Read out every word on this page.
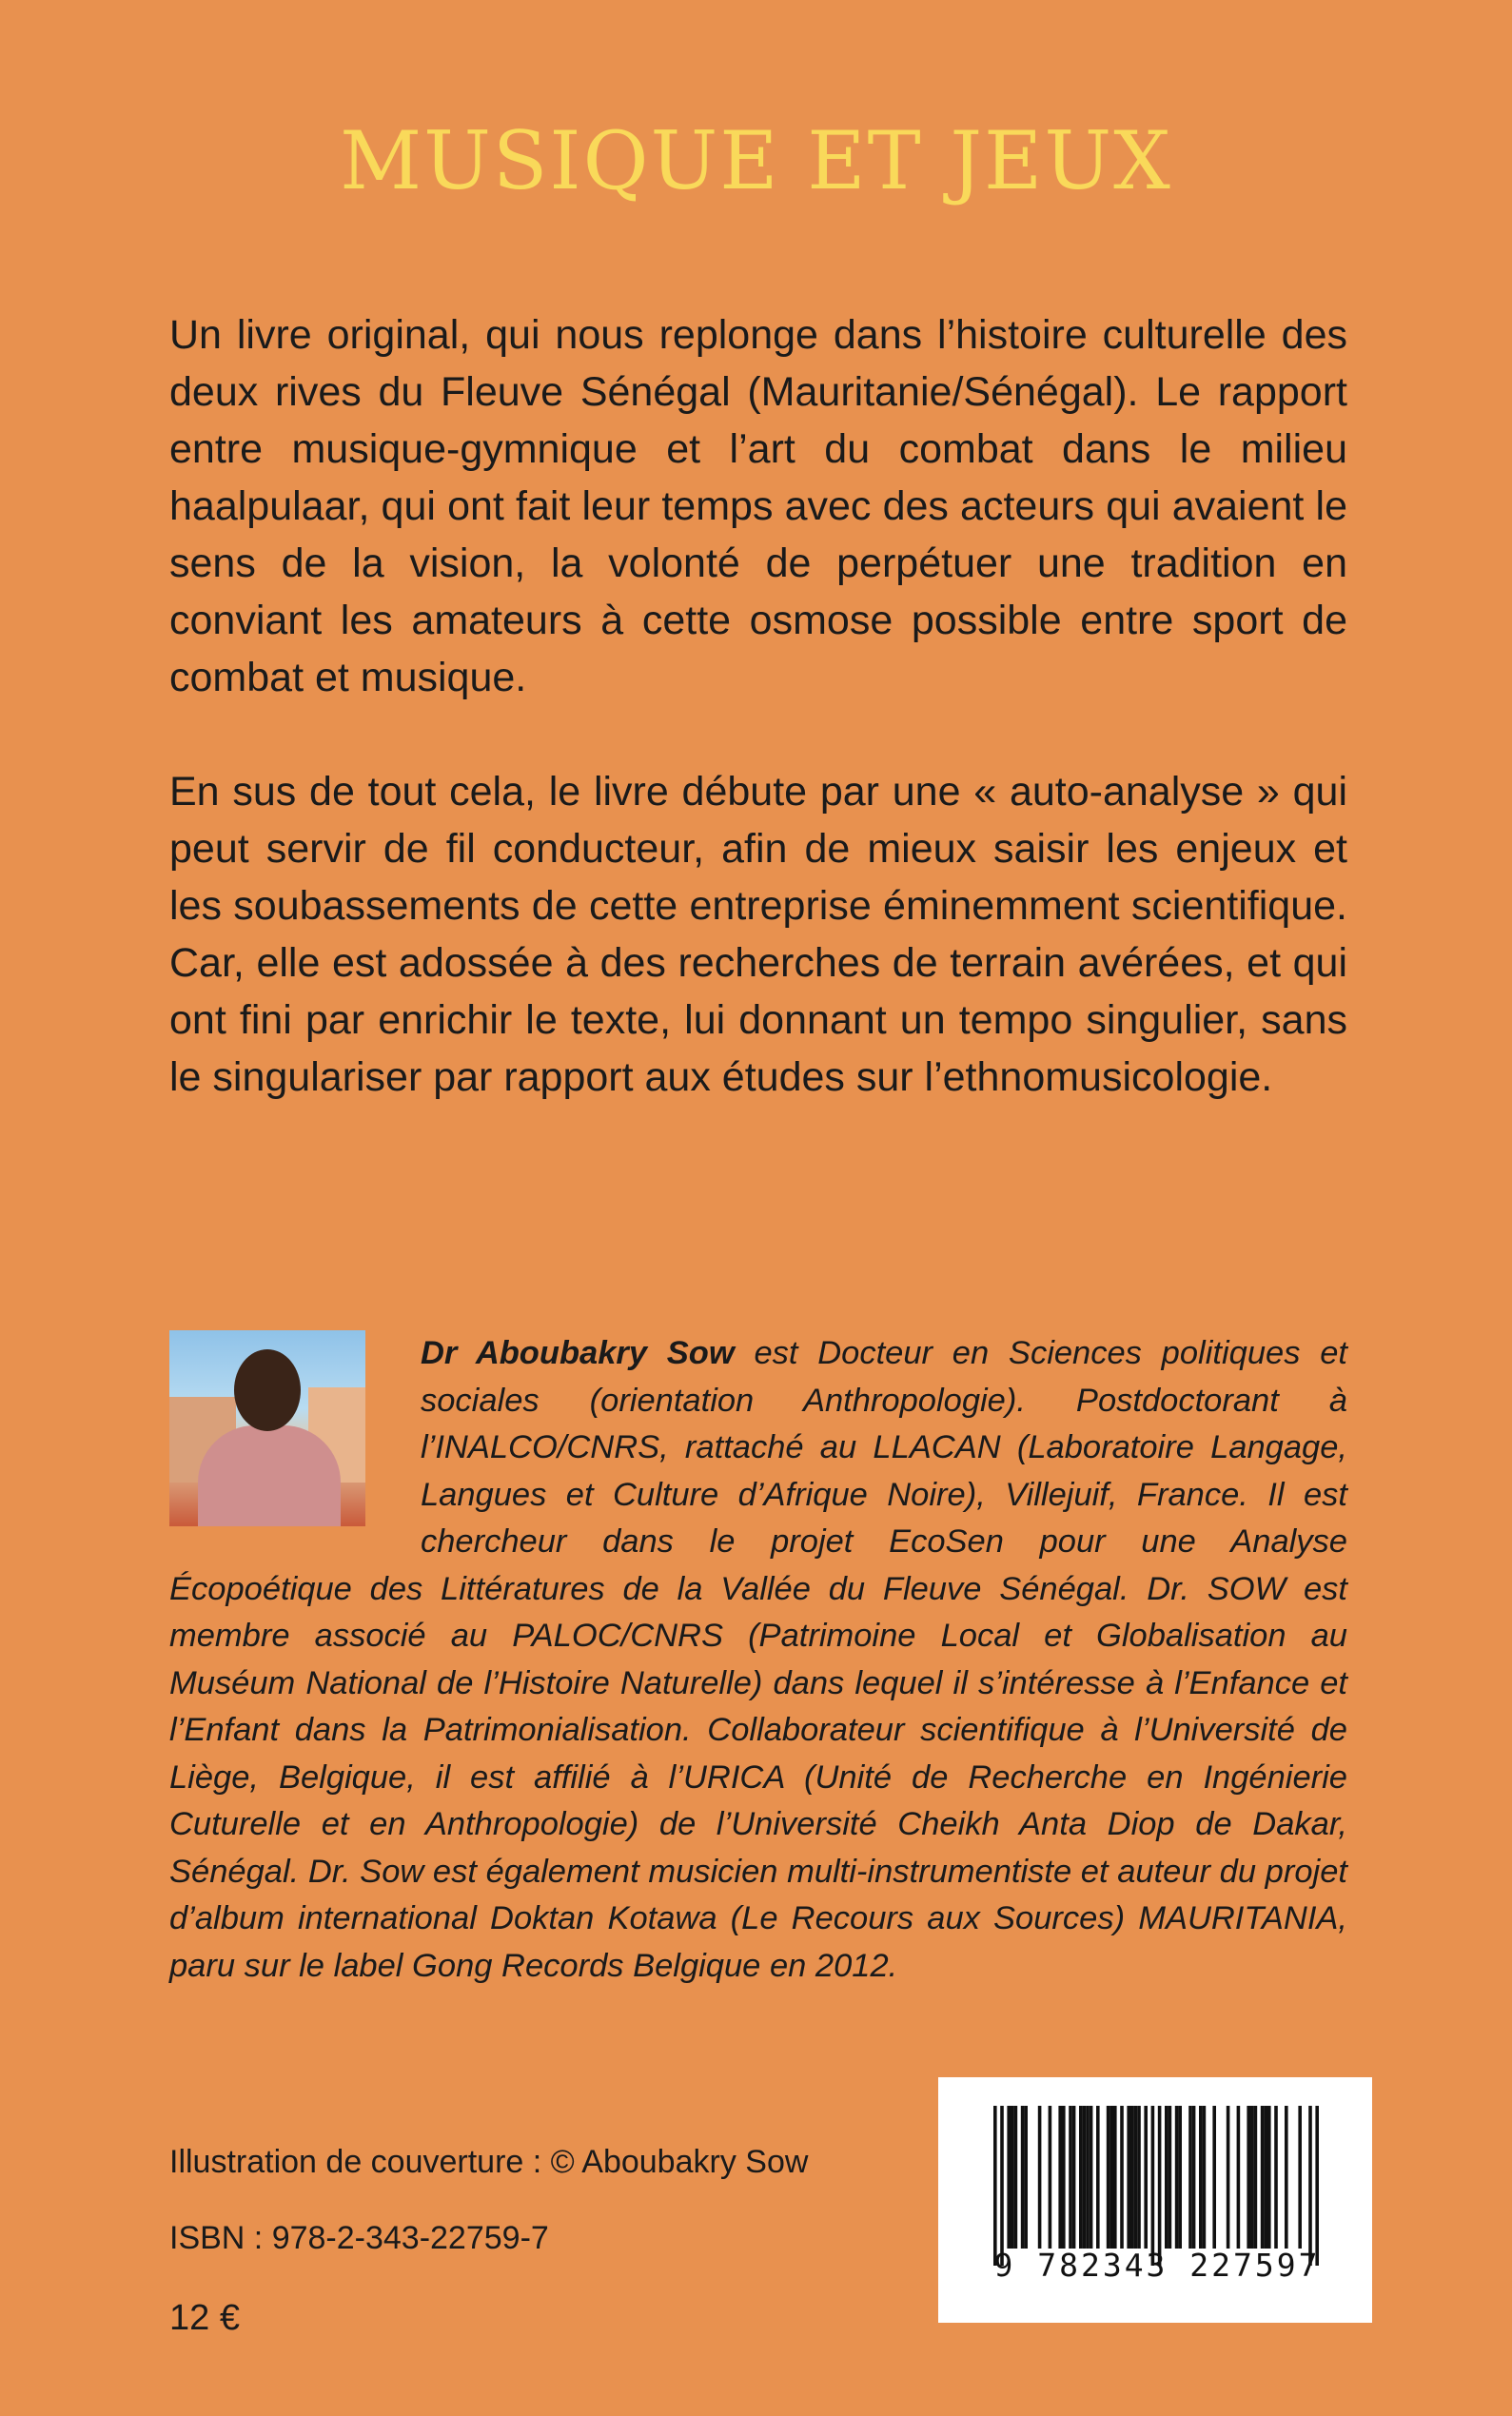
MUSIQUE ET JEUX

Un livre original, qui nous replonge dans l’histoire culturelle des deux rives du Fleuve Sénégal (Mauritanie/Sénégal). Le rapport entre musique-gymnique et l’art du combat dans le milieu haalpulaar, qui ont fait leur temps avec des acteurs qui avaient le sens de la vision, la volonté de perpétuer une tradition en conviant les amateurs à cette osmose possible entre sport de combat et musique.

En sus de tout cela, le livre débute par une « auto-analyse » qui peut servir de fil conducteur, afin de mieux saisir les enjeux et les soubassements de cette entreprise éminemment scientifique. Car, elle est adossée à des recherches de terrain avérées, et qui ont fini par enrichir le texte, lui donnant un tempo singulier, sans le singulariser par rapport aux études sur l’ethnomusicologie.

Dr Aboubakry Sow est Docteur en Sciences politiques et sociales (orientation Anthropologie). Postdoctorant à l’INALCO/CNRS, rattaché au LLACAN (Laboratoire Langage, Langues et Culture d’Afrique Noire), Villejuif, France. Il est chercheur dans le projet EcoSen pour une Analyse Écopoétique des Littératures de la Vallée du Fleuve Sénégal. Dr. SOW est membre associé au PALOC/CNRS (Patrimoine Local et Globalisation au Muséum National de l’Histoire Naturelle) dans lequel il s’intéresse à l’Enfance et l’Enfant dans la Patrimonialisation. Collaborateur scientifique à l’Université de Liège, Belgique, il est affilié à l’URICA (Unité de Recherche en Ingénierie Cuturelle et en Anthropologie) de l’Université Cheikh Anta Diop de Dakar, Sénégal. Dr. Sow est également musicien multi-instrumentiste et auteur du projet d’album international Doktan Kotawa (Le Recours aux Sources) MAURITANIA, paru sur le label Gong Records Belgique en 2012.

Illustration de couverture : © Aboubakry Sow
ISBN : 978-2-343-22759-7
12 €
9 782343 227597
